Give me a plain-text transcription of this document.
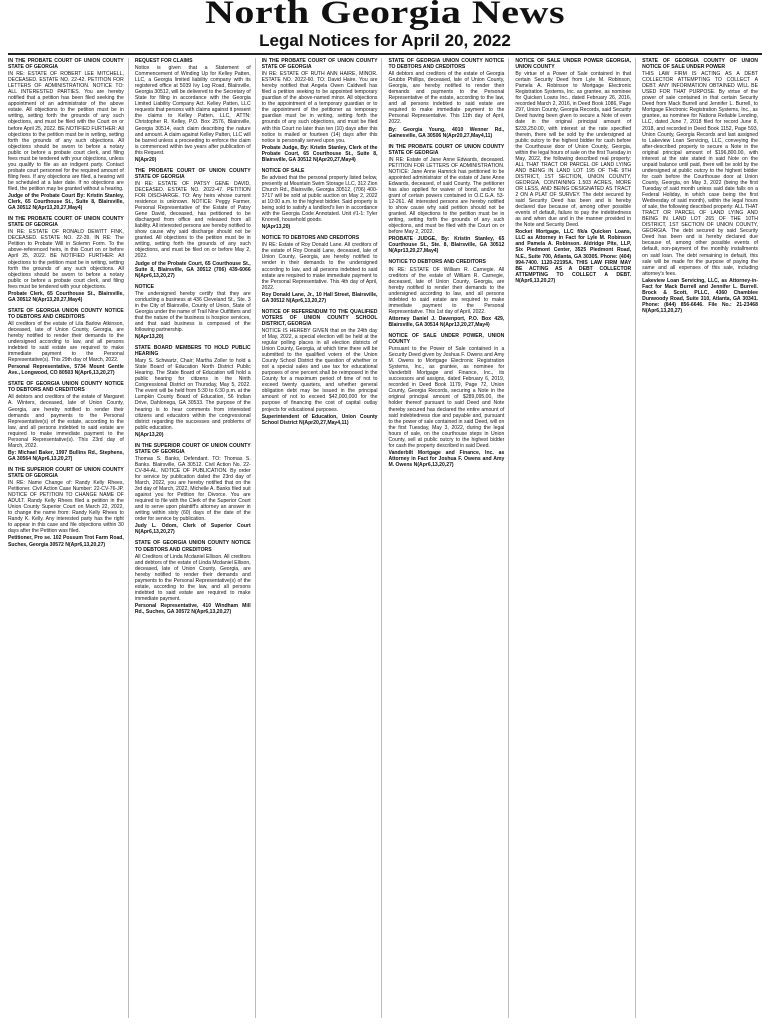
North Georgia News
Legal Notices for April 20, 2022
IN THE PROBATE COURT OF UNION COUNTY STATE OF GEORGIA
IN RE: ESTATE OF ROBERT LEE MITCHELL, DECEASED. ESTATE NO. 22-42. PETITION FOR LETTERS OF ADMINISTRATION. NOTICE TO: ALL INTERESTED PARTIES. You are hereby notified that a petition has been filed seeking the appointment of an administrator of the above estate. All objections to the petition must be in writing, setting forth the grounds of any such objections, and must be filed with the Court on or before April 25, 2022. BE NOTIFIED FURTHER: All objections to the petition must be in writing, setting forth the grounds of any such objections. All objections should be sworn to before a notary public or before a probate court clerk, and filing fees must be tendered with your objections, unless you qualify to file as an indigent party. Contact probate court personnel for the required amount of filing fees. If any objections are filed, a hearing will be scheduled at a later date. If no objections are filed, the petition may be granted without a hearing.
Judge of the Probate Court By: Kristin Stanley, Clerk, 65 Courthouse St., Suite 8, Blairsville, GA 30512 N(Apr13,20,27,May4)
IN THE PROBATE COURT OF UNION COUNTY STATE OF GEORGIA
IN RE: ESTATE OF RONALD DEWITT FINK, DECEASED. ESTATE NO. 22-39. IN RE: The Petition to Probate Will in Solemn Form. To the above-referenced heirs, in this Court on or before April 25, 2022. BE NOTIFIED FURTHER: All objections to the petition must be in writing, setting forth the grounds of any such objections. All objections should be sworn to before a notary public or before a probate court clerk, and filing fees must be tendered with your objections.
Probate Clerk, 65 Courthouse St., Blairsville, GA 30512 N(Apr13,20,27,May4)
STATE OF GEORGIA UNION COUNTY NOTICE TO DEBTORS AND CREDITORS
All creditors of the estate of Lila Barlow Atkinson, deceased, late of Union County, Georgia, are hereby notified to render their demands to the undersigned according to law, and all persons indebted to said estate are required to make immediate payment to the Personal Representative(s). This 29th day of March, 2022.
Personal Representative, 5734 Mount Gentle Ave., Longwood, CO 80503 N(Apr6,13,20,27)
STATE OF GEORGIA UNION COUNTY NOTICE TO DEBTORS AND CREDITORS
All debtors and creditors of the estate of Margaret A. Winters, deceased, late of Union County, Georgia, are hereby notified to render their demands and payments to the Personal Representative(s) of the estate, according to the law, and all persons indebted to said estate are required to make immediate payment to the Personal Representative(s). This 23rd day of March, 2022.
By: Michael Baker, 1997 Bullins Rd., Stephens, GA 30564 N(Apr6,13,20,27)
IN THE SUPERIOR COURT OF UNION COUNTY STATE OF GEORGIA
IN RE: Name Change of: Randy Kelly Rhees, Petitioner. Civil Action Case Number: 22-CV-76-JP. NOTICE OF PETITION TO CHANGE NAME OF ADULT. Randy Kelly Rhees filed a petition in the Union County Superior Court on March 22, 2022, to change the name from: Randy Kelly Rhees to Randy K. Kelly. Any interested party has the right to appear in this case and file objections within 30 days after the Petition was filed.
Petitioner, Pro se. 102 Possum Trot Farm Road, Suches, Georgia 30572 N(Apr6,13,20,27)
REQUEST FOR CLAIMS
Notice is given that a Statement of Commencement of Winding Up for Kelley Patten, LLC, a Georgia limited liability company with its registered office at 5039 Ivy Log Road, Blairsville, Georgia 30512, will be delivered to the Secretary of State for filing in accordance with the Georgia Limited Liability Company Act. Kelley Patten, LLC requests that persons with claims against it present the claims to Kelley Patten, LLC, ATTN: Christopher R. Kelley, P.O. Box 2576, Blairsville, Georgia 30514, each claim describing the nature and amount. A claim against Kelley Patten, LLC will be barred unless a proceeding to enforce the claim is commenced within two years after publication of this Request.
N(Apr20)
THE PROBATE COURT OF UNION COUNTY STATE OF GEORGIA
IN RE: ESTATE OF PATSY GENE DAVID, DECEASED. ESTATE NO. 2022-47. PETITION FOR DISCHARGE. TO: Any heirs whose current residence is unknown. NOTICE: Peggy Farmer, Personal Representative of the Estate of Patsy Gene David, deceased, has petitioned to be discharged from office and released from all liability. All interested persons are hereby notified to show cause why said discharge should not be granted. All objections to the petition must be in writing, setting forth the grounds of any such objections, and must be filed on or before May 2, 2022.
Judge of the Probate Court, 65 Courthouse St., Suite 8, Blairsville, GA 30512 (706) 439-6066 N(Apr6,13,20,27)
NOTICE
The undersigned hereby certify that they are conducting a business at 436 Cleveland St., Ste. 3 in the City of Blairsville, County of Union, State of Georgia under the name of Trail Nine Outfitters and that the nature of the business is hospice services, and that said business is composed of the following partnership.
N(Apr13,20)
STATE BOARD MEMBERS TO HOLD PUBLIC HEARING
Mary S. Schwartz, Chair; Martha Zoller to hold a State Board of Education North District Public Hearing. The State Board of Education will hold a public hearing for citizens in the Ninth Congressional District on Thursday, May 5, 2022. The event will be held from 5:30 to 6:30 p.m. at the Lumpkin County Board of Education, 56 Indian Drive, Dahlonega, GA 30533. The purpose of the hearing is to hear comments from interested citizens and educators within the congressional district regarding the successes and problems of public education.
N(Apr13,20)
IN THE SUPERIOR COURT OF UNION COUNTY STATE OF GEORGIA
Thomas S. Banks, Defendant. TO: Thomas S. Banks. Blairsville, GA 30512. Civil Action No. 22-CV-84-AL. NOTICE OF PUBLICATION. By order for service by publication dated the 23rd day of March, 2022, you are hereby notified that on the 3rd day of March, 2022, Michelle A. Banks filed suit against you for Petition for Divorce. You are required to file with the Clerk of the Superior Court and to serve upon plaintiff's attorney an answer in writing within sixty (60) days of the date of the order for service by publication.
Judy L. Odom, Clerk of Superior Court N(Apr6,13,20,27)
STATE OF GEORGIA UNION COUNTY NOTICE TO DEBTORS AND CREDITORS
All Creditors of Linda Mcdaniel Ellison. All creditors and debtors of the estate of Linda Mcdaniel Ellison, deceased, late of Union County, Georgia, are hereby notified to render their demands and payments to the Personal Representative(s) of the estate, according to the law, and all persons indebted to said estate are required to make immediate payment.
Personal Representative, 410 Windham Mill Rd., Suches, GA 30572 N(Apr6,13,20,27)
IN THE PROBATE COURT OF UNION COUNTY STATE OF GEORGIA
IN RE: ESTATE OF RUTH ANN HAIRE, MINOR. ESTATE NO. 2022-60. TO: David Haire. You are hereby notified that Angela Owen Caldwell has filed a petition seeking to be appointed temporary guardian of the above-named minor. All objections to the appointment of a temporary guardian or to the appointment of the petitioner as temporary guardian must be in writing, setting forth the grounds of any such objections, and must be filed with this Court no later than ten (10) days after this notice is mailed or fourteen (14) days after this notice is personally served upon you.
Probate Judge, By: Kristin Stanley, Clerk of the Probate Court, 65 Courthouse St., Suite 8, Blairsville, GA 30512 N(Apr20,27,May4)
NOTICE OF SALE
Be advised that the personal property listed below, presently at Mountain Swim Storage LLC, 312 Zion Church Rd., Blairsville, Georgia 30512, (706) 400-3717 will be sold at public auction on May 2, 2022 at 10:00 a.m. to the highest bidder. Said property is being sold to satisfy a landlord's lien in accordance with the Georgia Code Annotated. Unit #1-1: Tyler Knorrell, household goods.
N(Apr13,20)
NOTICE TO DEBTORS AND CREDITORS
IN RE: Estate of Roy Donald Lane. All creditors of the estate of Roy Donald Lane, deceased, late of Union County, Georgia, are hereby notified to render in their demands to the undersigned according to law, and all persons indebted to said estate are required to make immediate payment to the Personal Representative. This 4th day of April, 2022.
Roy Donald Lane, Jr., 10 Hall Street, Blairsville, GA 30512 N(Apr6,13,20,27)
NOTICE OF REFERENDUM TO THE QUALIFIED VOTERS OF UNION COUNTY SCHOOL DISTRICT, GEORGIA
NOTICE IS HEREBY GIVEN that on the 24th day of May, 2022, a special election will be held at the regular polling places in all election districts of Union County, Georgia, at which time there will be submitted to the qualified voters of the Union County School District the question of whether or not a special sales and use tax for educational purposes of one percent shall be reimposed in the County for a maximum period of time of not to exceed twenty quarters, and whether general obligation debt may be issued in the principal amount of not to exceed $42,000,000 for the purpose of financing the cost of capital outlay projects for educational purposes.
Superintendent of Education, Union County School District N(Apr20,27,May4,11)
STATE OF GEORGIA UNION COUNTY NOTICE TO DEBTORS AND CREDITORS
All debtors and creditors of the estate of Georgia Grubbs Phillips, deceased, late of Union County, Georgia, are hereby notified to render their demands and payments to the Personal Representative of the estate, according to the law, and all persons indebted to said estate are required to make immediate payment to the Personal Representative. This 11th day of April, 2022.
By: Georgia Young, 4010 Wenner Rd., Gainesville, GA 30506 N(Apr20,27,May4,11)
IN THE PROBATE COURT OF UNION COUNTY STATE OF GEORGIA
IN RE: Estate of Jane Anne Edwards, deceased. PETITION FOR LETTERS OF ADMINISTRATION. NOTICE: Jane Anne Hamrick has petitioned to be appointed administrator of the estate of Jane Anne Edwards, deceased, of said County. The petitioner has also applied for waiver of bond, and/or for grant of certain powers contained in O.C.G.A. 53-12-261. All interested persons are hereby notified to show cause why said petition should not be granted. All objections to the petition must be in writing, setting forth the grounds of any such objections, and must be filed with the Court on or before May 2, 2022.
PROBATE JUDGE, By: Kristin Stanley, 65 Courthouse St., Ste. 8, Blairsville, GA 30512 N(Apr13,20,27,May4)
NOTICE TO DEBTORS AND CREDITORS
IN RE: ESTATE OF William R. Carnegie. All creditors of the estate of William R. Carnegie, deceased, late of Union County, Georgia, are hereby notified to render their demands to the undersigned according to law, and all persons indebted to said estate are required to make immediate payment to the Personal Representative. This 1st day of April, 2022.
Attorney Daniel J. Davenport, P.O. Box 429, Blairsville, GA 30514 N(Apr13,20,27,May4)
NOTICE OF SALE UNDER POWER, UNION COUNTY
Pursuant to the Power of Sale contained in a Security Deed given by Joshua F. Owens and Amy M. Owens to Mortgage Electronic Registration Systems, Inc., as grantee, as nominee for Vanderbilt Mortgage and Finance, Inc., its successors and assigns, dated February 6, 2019, recorded in Deed Book 1179, Page 72, Union County, Georgia Records, securing a Note in the original principal amount of $289,095.00, the holder thereof pursuant to said Deed and Note thereby secured has declared the entire amount of said indebtedness due and payable and, pursuant to the power of sale contained in said Deed, will on the first Tuesday, May 3, 2022, during the legal hours of sale, on the courthouse steps in Union County, sell at public outcry to the highest bidder for cash the property described in said Deed.
Vanderbilt Mortgage and Finance, Inc. as Attorney in Fact for Joshua F. Owens and Amy M. Owens N(Apr6,13,20,27)
NOTICE OF SALE UNDER POWER GEORGIA, UNION COUNTY
By virtue of a Power of Sale contained in that certain Security Deed from Lyle M. Robinson, Pamela A. Robinson to Mortgage Electronic Registration Systems, Inc. as grantee, as nominee for Quicken Loans Inc., dated February 26, 2016, recorded March 2, 2016, in Deed Book 1086, Page 297, Union County, Georgia Records, said Security Deed having been given to secure a Note of even date in the original principal amount of $233,250.00, with interest at the rate specified therein, there will be sold by the undersigned at public outcry to the highest bidder for cash before the Courthouse door of Union County, Georgia, within the legal hours of sale on the first Tuesday in May, 2022, the following described real property: ALL THAT TRACT OR PARCEL OF LAND LYING AND BEING IN LAND LOT 195 OF THE 9TH DISTRICT, 1ST SECTION, UNION COUNTY, GEORGIA, CONTAINING 1.503 ACRES, MORE OR LESS, AND BEING DESIGNATED AS TRACT 2 ON A PLAT OF SURVEY. The debt secured by said Security Deed has been and is hereby declared due because of, among other possible events of default, failure to pay the indebtedness as and when due and in the manner provided in the Note and Security Deed.
Rocket Mortgage, LLC f/k/a Quicken Loans, LLC as Attorney in Fact for Lyle M. Robinson and Pamela A. Robinson. Aldridge Pite, LLP, Six Piedmont Center, 3525 Piedmont Road, N.E., Suite 700, Atlanta, GA 30305. Phone: (404) 994-7400. 1120-22195A. THIS LAW FIRM MAY BE ACTING AS A DEBT COLLECTOR ATTEMPTING TO COLLECT A DEBT. N(Apr6,13,20,27)
STATE OF GEORGIA COUNTY OF UNION NOTICE OF SALE UNDER POWER
THIS LAW FIRM IS ACTING AS A DEBT COLLECTOR ATTEMPTING TO COLLECT A DEBT. ANY INFORMATION OBTAINED WILL BE USED FOR THAT PURPOSE. By virtue of the power of sale contained in that certain Security Deed from Mack Burrell and Jennifer L. Burrell, to Mortgage Electronic Registration Systems, Inc., as grantee, as nominee for Nations Reliable Lending, LLC, dated June 7, 2018 filed for record June 8, 2018, and recorded in Deed Book 1152, Page 593, Union County, Georgia Records and last assigned to Lakeview Loan Servicing, LLC, conveying the after-described property to secure a Note in the original principal amount of $196,800.00, with interest at the rate stated in said Note on the unpaid balance until paid, there will be sold by the undersigned at public outcry to the highest bidder for cash before the Courthouse door at Union County, Georgia, on May 3, 2022 (being the first Tuesday of said month unless said date falls on a Federal Holiday, in which case being the first Wednesday of said month), within the legal hours of sale, the following described property: ALL THAT TRACT OR PARCEL OF LAND LYING AND BEING IN LAND LOT 265 OF THE 10TH DISTRICT, 1ST SECTION OF UNION COUNTY, GEORGIA. The debt secured by said Security Deed has been and is hereby declared due because of, among other possible events of default, non-payment of the monthly installments on said loan. The debt remaining in default, this sale will be made for the purpose of paying the same and all expenses of this sale, including attorney's fees.
Lakeview Loan Servicing, LLC, as Attorney-in-Fact for Mack Burrell and Jennifer L. Burrell. Brock & Scott, PLLC, 4360 Chamblee Dunwoody Road, Suite 310, Atlanta, GA 30341. Phone: (844) 856-6646. File No.: 21-23468 N(Apr6,13,20,27)
